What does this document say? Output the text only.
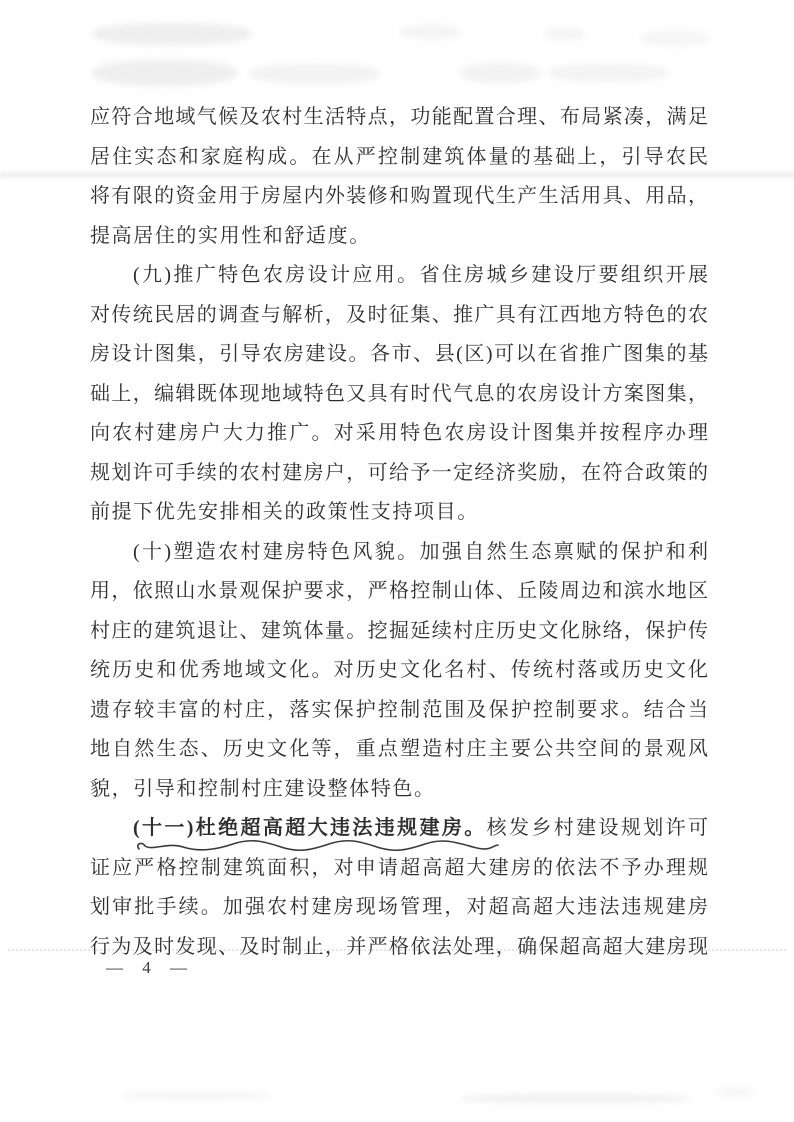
应符合地域气候及农村生活特点，功能配置合理、布局紧凑，满足
居住实态和家庭构成。在从严控制建筑体量的基础上，引导农民
将有限的资金用于房屋内外装修和购置现代生产生活用具、用品，
提高居住的实用性和舒适度。
(九)推广特色农房设计应用。省住房城乡建设厅要组织开展
对传统民居的调查与解析，及时征集、推广具有江西地方特色的农
房设计图集，引导农房建设。各市、县(区)可以在省推广图集的基
础上，编辑既体现地域特色又具有时代气息的农房设计方案图集，
向农村建房户大力推广。对采用特色农房设计图集并按程序办理
规划许可手续的农村建房户，可给予一定经济奖励，在符合政策的
前提下优先安排相关的政策性支持项目。
(十)塑造农村建房特色风貌。加强自然生态禀赋的保护和利
用，依照山水景观保护要求，严格控制山体、丘陵周边和滨水地区
村庄的建筑退让、建筑体量。挖掘延续村庄历史文化脉络，保护传
统历史和优秀地域文化。对历史文化名村、传统村落或历史文化
遗存较丰富的村庄，落实保护控制范围及保护控制要求。结合当
地自然生态、历史文化等，重点塑造村庄主要公共空间的景观风
貌，引导和控制村庄建设整体特色。
(十一)杜绝超高超大违法违规建房。核发乡村建设规划许可
证应严格控制建筑面积，对申请超高超大建房的依法不予办理规
划审批手续。加强农村建房现场管理，对超高超大违法违规建房
行为及时发现、及时制止，并严格依法处理，确保超高超大建房现
— 4 —
